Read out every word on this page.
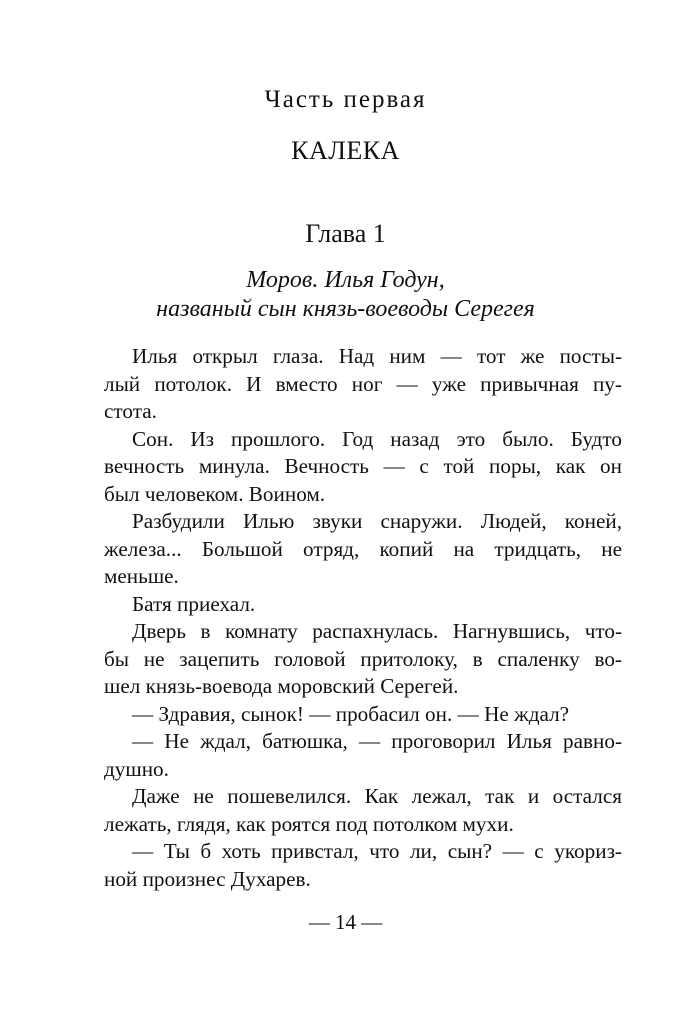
Часть первая
КАЛЕКА
Глава 1
Моров. Илья Годун,
названый сын князь-воеводы Серегея
Илья открыл глаза. Над ним — тот же посты-
лый потолок. И вместо ног — уже привычная пу-
стота.
Сон. Из прошлого. Год назад это было. Будто
вечность минула. Вечность — с той поры, как он
был человеком. Воином.
Разбудили Илью звуки снаружи. Людей, коней,
железа... Большой отряд, копий на тридцать, не
меньше.
Батя приехал.
Дверь в комнату распахнулась. Нагнувшись, что-
бы не зацепить головой притолоку, в спаленку во-
шел князь-воевода моровский Серегей.
— Здравия, сынок! — пробасил он. — Не ждал?
— Не ждал, батюшка, — проговорил Илья равно-
душно.
Даже не пошевелился. Как лежал, так и остался
лежать, глядя, как роятся под потолком мухи.
— Ты б хоть привстал, что ли, сын? — с укориз-
ной произнес Духарев.
— 14 —
